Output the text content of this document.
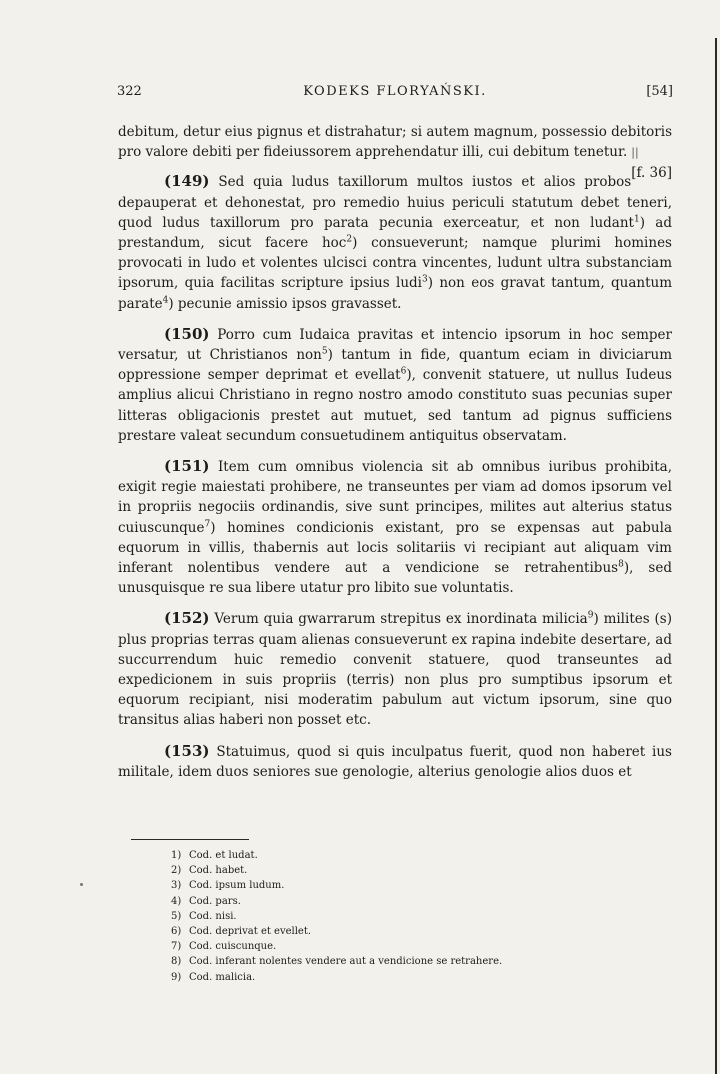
322	KODEKS FLORYAŃSKI.	[54]

debitum, detur eius pignus et distrahatur; si autem magnum, possessio debitoris pro valore debiti per fideiussorem apprehendatur illi, cui debitum tenetur. ||
[f. 36]

(149) Sed quia ludus taxillorum multos iustos et alios probos depauperat et dehonestat, pro remedio huius periculi statutum debet teneri, quod ludus taxillorum pro parata pecunia exerceatur, et non ludant$^1$) ad prestandum, sicut facere hoc$^2$) consueverunt; namque plurimi homines provocati in ludo et volentes ulcisci contra vincentes, ludunt ultra substanciam ipsorum, quia facilitas scripture ipsius ludi$^3$) non eos gravat tantum, quantum parate$^4$) pecunie amissio ipsos gravasset.

(150) Porro cum Iudaica pravitas et intencio ipsorum in hoc semper versatur, ut Christianos non$^5$) tantum in fide, quantum eciam in diviciarum oppressione semper deprimat et evellat$^6$), convenit statuere, ut nullus Iudeus amplius alicui Christiano in regno nostro amodo constituto suas pecunias super litteras obligacionis prestet aut mutuet, sed tantum ad pignus sufficiens prestare valeat secundum consuetudinem antiquitus observatam.

(151) Item cum omnibus violencia sit ab omnibus iuribus prohibita, exigit regie maiestati prohibere, ne transeuntes per viam ad domos ipsorum vel in propriis negociis ordinandis, sive sunt principes, milites aut alterius status cuiuscunque$^7$) homines condicionis existant, pro se expensas aut pabula equorum in villis, thabernis aut locis solitariis vi recipiant aut aliquam vim inferant nolentibus vendere aut a vendicione se retrahentibus$^8$), sed unusquisque re sua libere utatur pro libito sue voluntatis.

(152) Verum quia gwarrarum strepitus ex inordinata milicia$^9$) milites (s) plus proprias terras quam alienas consueverunt ex rapina indebite desertare, ad succurrendum huic remedio convenit statuere, quod transeuntes ad expedicionem in suis propriis (terris) non plus pro sumptibus ipsorum et equorum recipiant, nisi moderatim pabulum aut victum ipsorum, sine quo transitus alias haberi non posset etc.

(153) Statuimus, quod si quis inculpatus fuerit, quod non haberet ius militale, idem duos seniores sue genologie, alterius genologie alios duos et

1) Cod. et ludat.
2) Cod. habet.
3) Cod. ipsum ludum.
4) Cod. pars.
5) Cod. nisi.
6) Cod. deprivat et evellet.
7) Cod. cuiscunque.
8) Cod. inferant nolentes vendere aut a vendicione se retrahere.
9) Cod. malicia.
